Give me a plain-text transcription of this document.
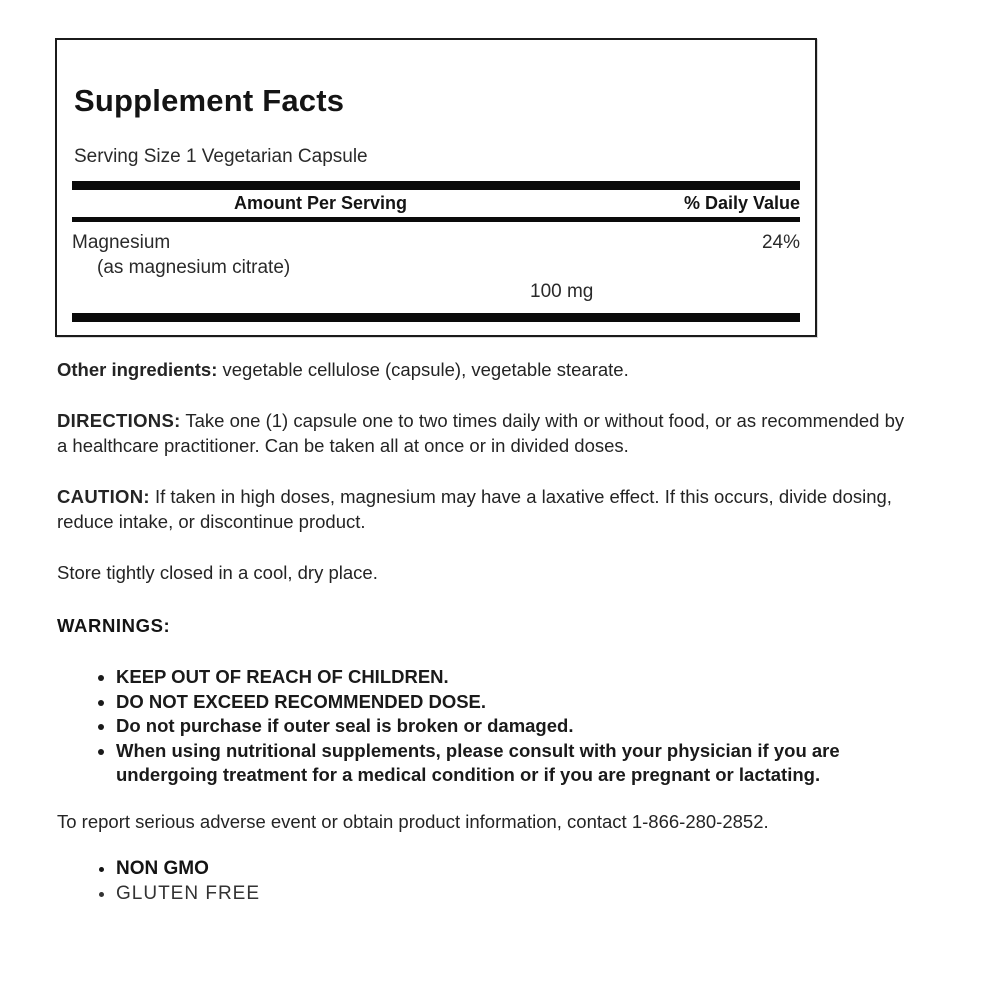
Supplement Facts
Serving Size 1 Vegetarian Capsule
Amount Per Serving	% Daily Value
Magnesium	24%
(as magnesium citrate)
100 mg

Other ingredients: vegetable cellulose (capsule), vegetable stearate.

DIRECTIONS: Take one (1) capsule one to two times daily with or without food, or as recommended by a healthcare practitioner. Can be taken all at once or in divided doses.

CAUTION: If taken in high doses, magnesium may have a laxative effect. If this occurs, divide dosing, reduce intake, or discontinue product.

Store tightly closed in a cool, dry place.

WARNINGS:
• KEEP OUT OF REACH OF CHILDREN.
• DO NOT EXCEED RECOMMENDED DOSE.
• Do not purchase if outer seal is broken or damaged.
• When using nutritional supplements, please consult with your physician if you are undergoing treatment for a medical condition or if you are pregnant or lactating.

To report serious adverse event or obtain product information, contact 1-866-280-2852.

• NON GMO
• GLUTEN FREE
